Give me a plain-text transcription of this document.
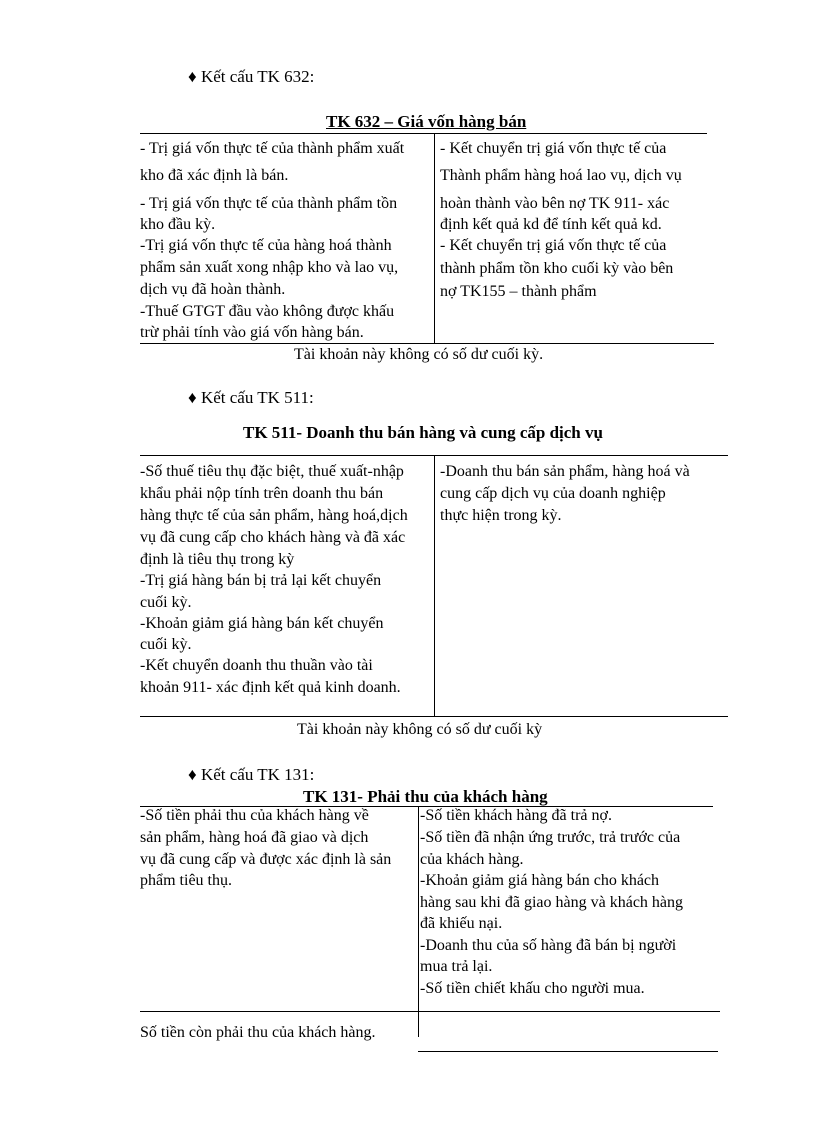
♦ Kết cấu TK 632:
TK 632 – Giá vốn hàng bán
- Trị giá vốn thực tế của thành phẩm xuất
kho đã xác định là bán.
- Trị giá vốn thực tế của thành phẩm tồn
kho đầu kỳ.
-Trị giá vốn thực tế của hàng hoá thành
phẩm sản xuất xong nhập kho và lao vụ,
dịch vụ đã hoàn thành.
-Thuế GTGT đầu vào không được khấu
trừ phải tính vào giá vốn hàng bán.
- Kết chuyển trị giá vốn thực tế của
Thành phẩm hàng hoá lao vụ, dịch vụ
hoàn thành vào bên nợ TK 911- xác
định kết quả kd để tính kết quả kd.
- Kết chuyển trị giá vốn thực tế của
thành phẩm tồn kho cuối kỳ vào bên
nợ TK155 – thành phẩm
Tài khoản này không có số dư cuối kỳ.
♦ Kết cấu TK 511:
TK 511- Doanh thu bán hàng và cung cấp dịch vụ
-Số thuế tiêu thụ đặc biệt, thuế xuất-nhập
khẩu phải nộp tính trên doanh thu bán
hàng thực tế của sản phẩm, hàng hoá,dịch
vụ đã cung cấp cho khách hàng và đã xác
định là tiêu thụ trong kỳ
-Trị giá hàng bán bị trả lại kết chuyển
cuối kỳ.
-Khoản giảm giá hàng bán kết chuyển
cuối kỳ.
-Kết chuyển doanh thu thuần vào tài
khoản 911- xác định kết quả kinh doanh.
-Doanh thu bán sản phẩm, hàng hoá và
cung cấp dịch vụ của doanh nghiệp
thực hiện trong kỳ.
Tài khoản này không có số dư cuối kỳ
♦ Kết cấu TK 131:
TK 131- Phải thu của khách hàng
-Số tiền phải thu của khách hàng về
sản phẩm, hàng hoá đã giao và dịch
vụ đã cung cấp và được xác định là sản
phẩm tiêu thụ.
-Số tiền khách hàng đã trả nợ.
-Số tiền đã nhận ứng trước, trả trước của
của khách hàng.
-Khoản giảm giá hàng bán cho khách
hàng sau khi đã giao hàng và khách hàng
đã khiếu nại.
-Doanh thu của số hàng đã bán bị người
mua trả lại.
-Số tiền chiết khấu cho người mua.
Số tiền còn phải thu của khách hàng.
